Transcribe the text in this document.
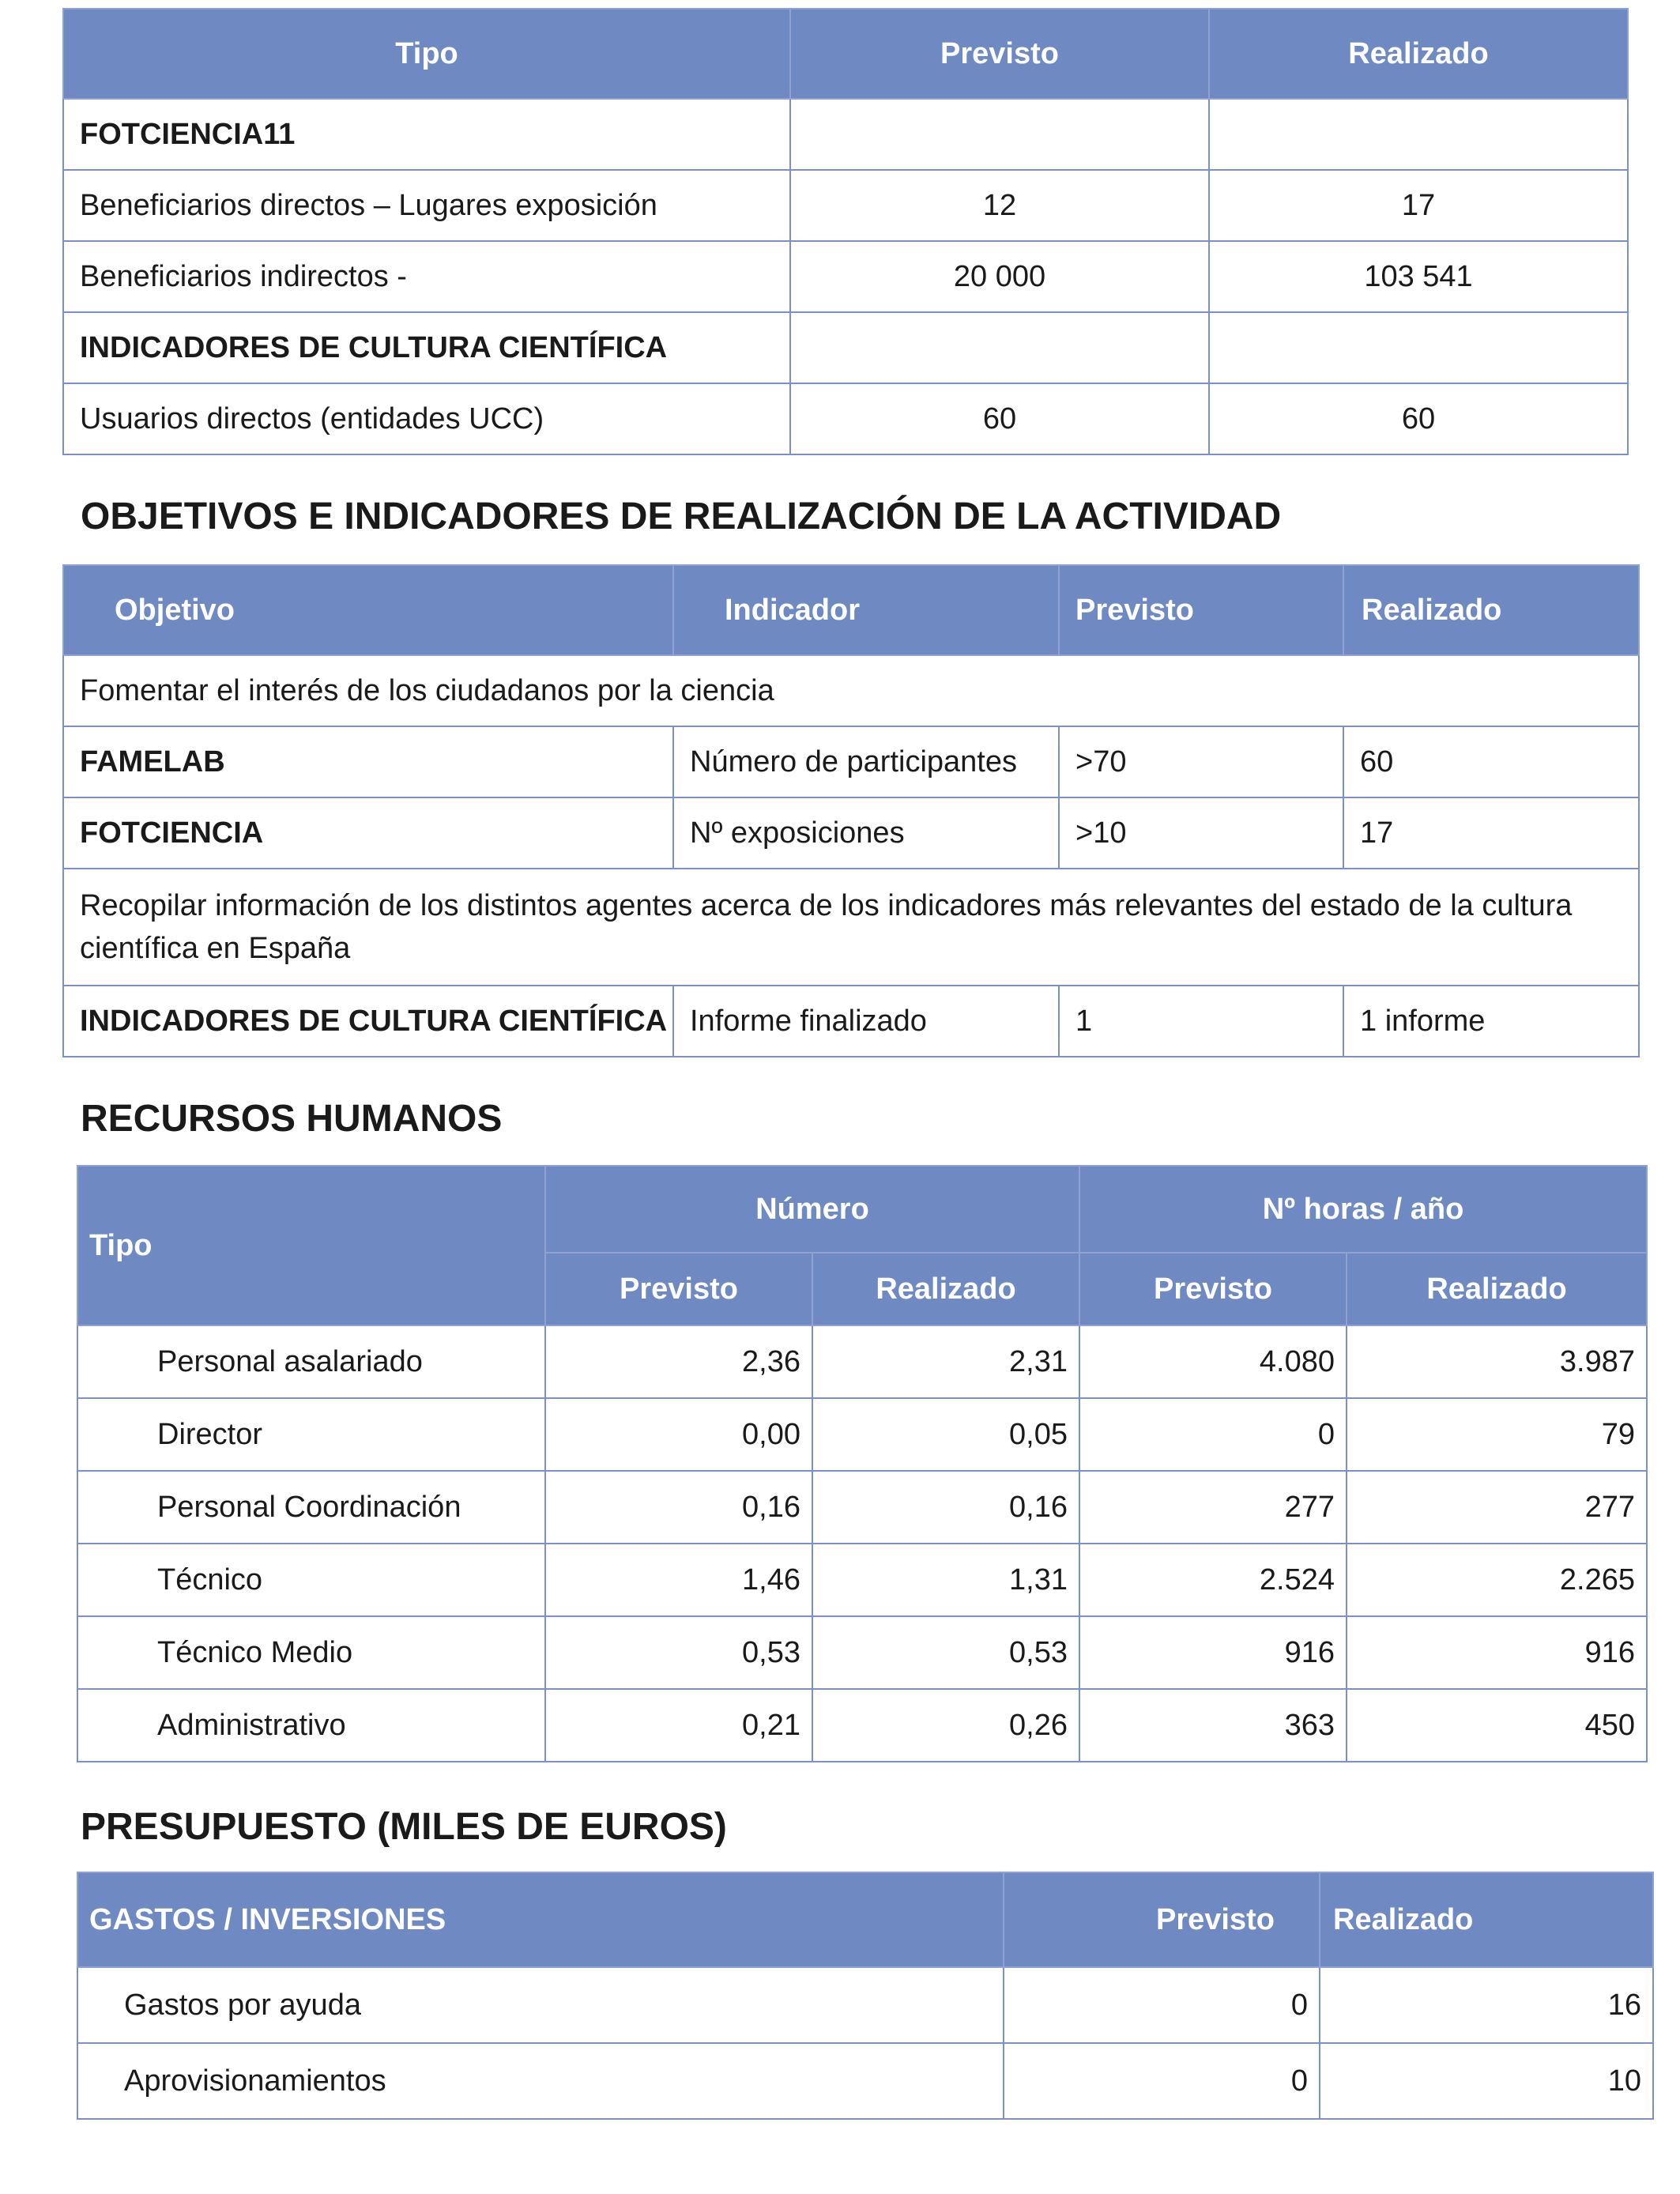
Tipo	Previsto	Realizado
FOTCIENCIA11		
Beneficiarios directos – Lugares exposición	12	17
Beneficiarios indirectos -	20 000	103 541
INDICADORES DE CULTURA CIENTÍFICA		
Usuarios directos (entidades UCC)	60	60
OBJETIVOS E INDICADORES DE REALIZACIÓN DE LA ACTIVIDAD
Objetivo	Indicador	Previsto	Realizado
Fomentar el interés de los ciudadanos por la ciencia			
FAMELAB	Número de participantes	>70	60
FOTCIENCIA	Nº exposiciones	>10	17
Recopilar información de los distintos agentes acerca de los indicadores más relevantes del estado de la cultura científica en España			
INDICADORES DE CULTURA CIENTÍFICA	Informe finalizado	1	1 informe
RECURSOS HUMANOS
Tipo	Número		Nº horas / año	
	Previsto	Realizado	Previsto	Realizado
Personal asalariado	2,36	2,31	4.080	3.987
Director	0,00	0,05	0	79
Personal Coordinación	0,16	0,16	277	277
Técnico	1,46	1,31	2.524	2.265
Técnico Medio	0,53	0,53	916	916
Administrativo	0,21	0,26	363	450
PRESUPUESTO (MILES DE EUROS)
GASTOS / INVERSIONES	Previsto	Realizado
Gastos por ayuda	0	16
Aprovisionamientos	0	10
